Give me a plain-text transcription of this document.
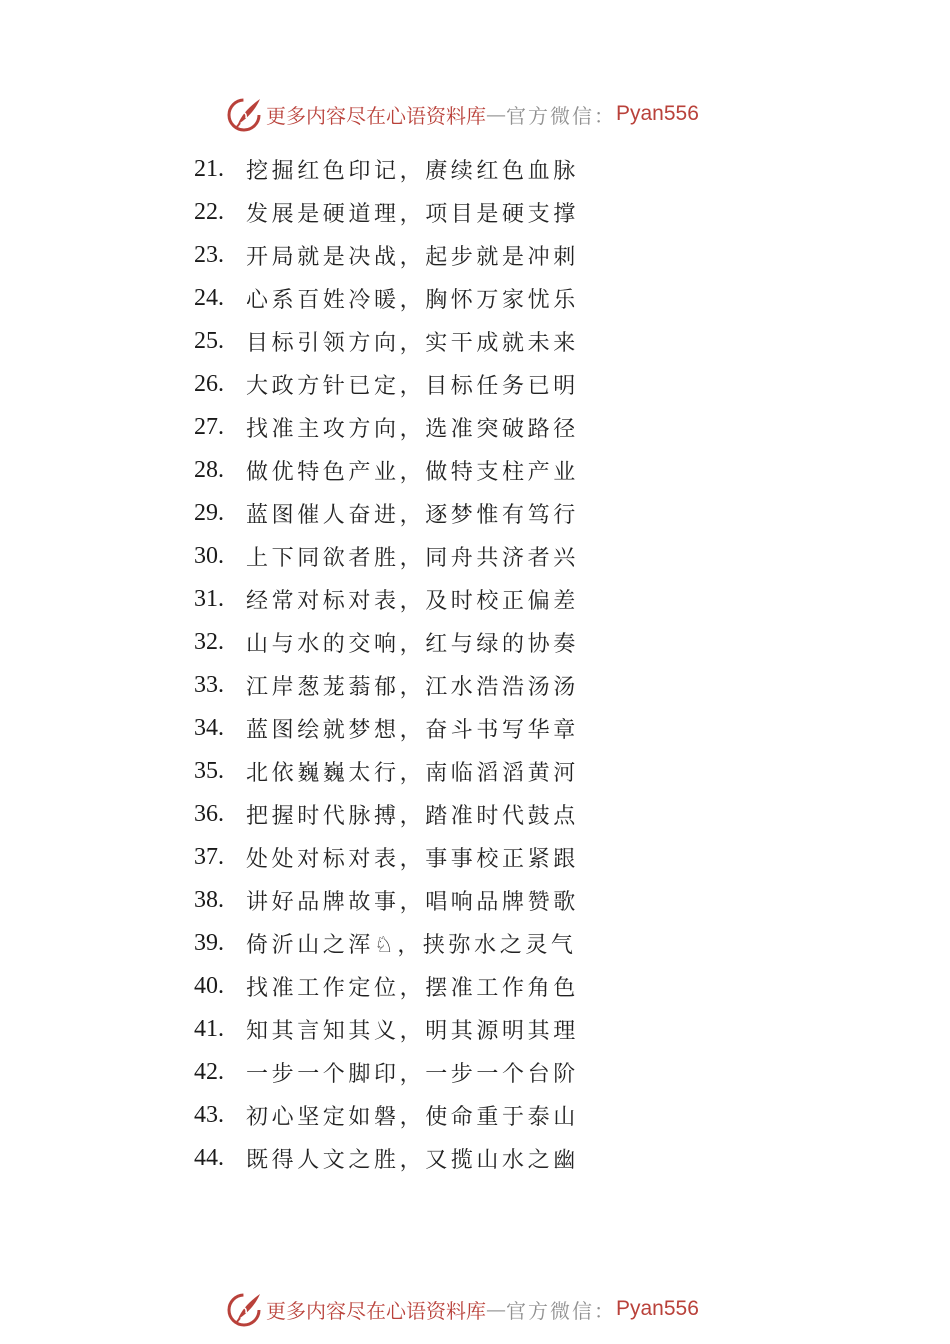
更多内容尽在心语资料库 — 官方微信： Pyan556
21.	挖掘红色印记，赓续红色血脉
22.	发展是硬道理，项目是硬支撑
23.	开局就是决战，起步就是冲刺
24.	心系百姓冷暖，胸怀万家忧乐
25.	目标引领方向，实干成就未来
26.	大政方针已定，目标任务已明
27.	找准主攻方向，选准突破路径
28.	做优特色产业，做特支柱产业
29.	蓝图催人奋进，逐梦惟有笃行
30.	上下同欲者胜，同舟共济者兴
31.	经常对标对表，及时校正偏差
32.	山与水的交响，红与绿的协奏
33.	江岸葱茏蓊郁，江水浩浩汤汤
34.	蓝图绘就梦想，奋斗书写华章
35.	北依巍巍太行，南临滔滔黄河
36.	把握时代脉搏，踏准时代鼓点
37.	处处对标对表，事事校正紧跟
38.	讲好品牌故事，唱响品牌赞歌
39.	倚沂山之浑♘，挟弥水之灵气
40.	找准工作定位，摆准工作角色
41.	知其言知其义，明其源明其理
42.	一步一个脚印，一步一个台阶
43.	初心坚定如磐，使命重于泰山
44.	既得人文之胜，又揽山水之幽
更多内容尽在心语资料库 — 官方微信： Pyan556
